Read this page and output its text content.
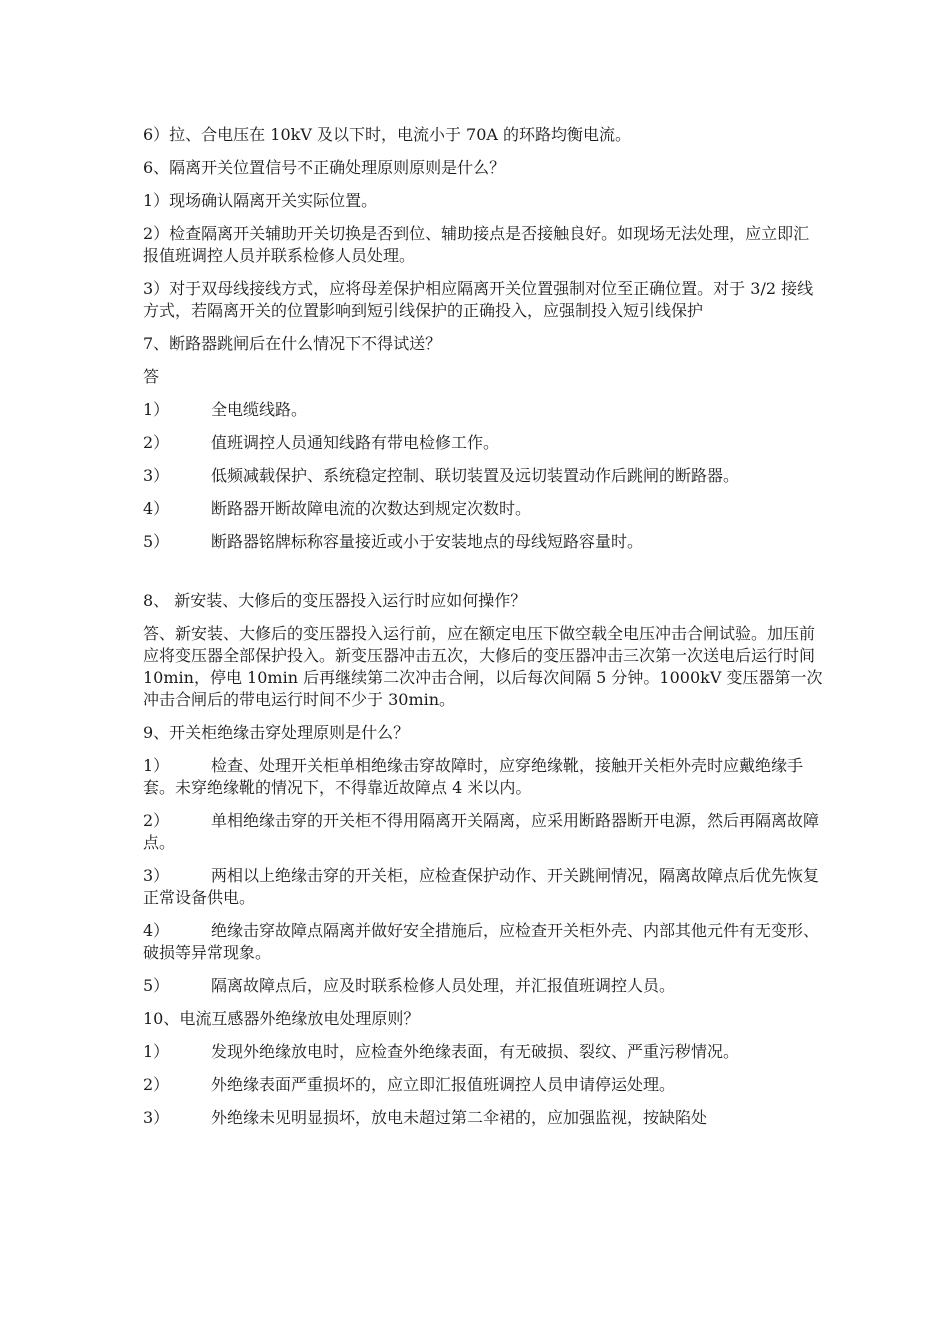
6）拉、合电压在 10kV 及以下时，电流小于 70A 的环路均衡电流。

6、隔离开关位置信号不正确处理原则原则是什么？

1）现场确认隔离开关实际位置。

2）检查隔离开关辅助开关切换是否到位、辅助接点是否接触良好。如现场无法处理，应立即汇报值班调控人员并联系检修人员处理。

3）对于双母线接线方式，应将母差保护相应隔离开关位置强制对位至正确位置。对于 3/2 接线方式，若隔离开关的位置影响到短引线保护的正确投入，应强制投入短引线保护

7、断路器跳闸后在什么情况下不得试送？

答

1）	全电缆线路。

2）	值班调控人员通知线路有带电检修工作。

3）	低频减载保护、系统稳定控制、联切装置及远切装置动作后跳闸的断路器。

4）	断路器开断故障电流的次数达到规定次数时。

5）	断路器铭牌标称容量接近或小于安装地点的母线短路容量时。

8、 新安装、大修后的变压器投入运行时应如何操作？

答、新安装、大修后的变压器投入运行前，应在额定电压下做空载全电压冲击合闸试验。加压前应将变压器全部保护投入。新变压器冲击五次，大修后的变压器冲击三次第一次送电后运行时间 10min，停电 10min 后再继续第二次冲击合闸，以后每次间隔 5 分钟。1000kV 变压器第一次冲击合闸后的带电运行时间不少于 30min。

9、开关柜绝缘击穿处理原则是什么？

1）	检查、处理开关柜单相绝缘击穿故障时，应穿绝缘靴，接触开关柜外壳时应戴绝缘手套。未穿绝缘靴的情况下，不得靠近故障点 4 米以内。

2）	单相绝缘击穿的开关柜不得用隔离开关隔离，应采用断路器断开电源，然后再隔离故障点。

3）	两相以上绝缘击穿的开关柜，应检查保护动作、开关跳闸情况，隔离故障点后优先恢复正常设备供电。

4）	绝缘击穿故障点隔离并做好安全措施后，应检查开关柜外壳、内部其他元件有无变形、破损等异常现象。

5）	隔离故障点后，应及时联系检修人员处理，并汇报值班调控人员。

10、电流互感器外绝缘放电处理原则？

1）	发现外绝缘放电时，应检查外绝缘表面，有无破损、裂纹、严重污秽情况。

2）	外绝缘表面严重损坏的，应立即汇报值班调控人员申请停运处理。

3）	外绝缘未见明显损坏，放电未超过第二伞裙的，应加强监视，按缺陷处
